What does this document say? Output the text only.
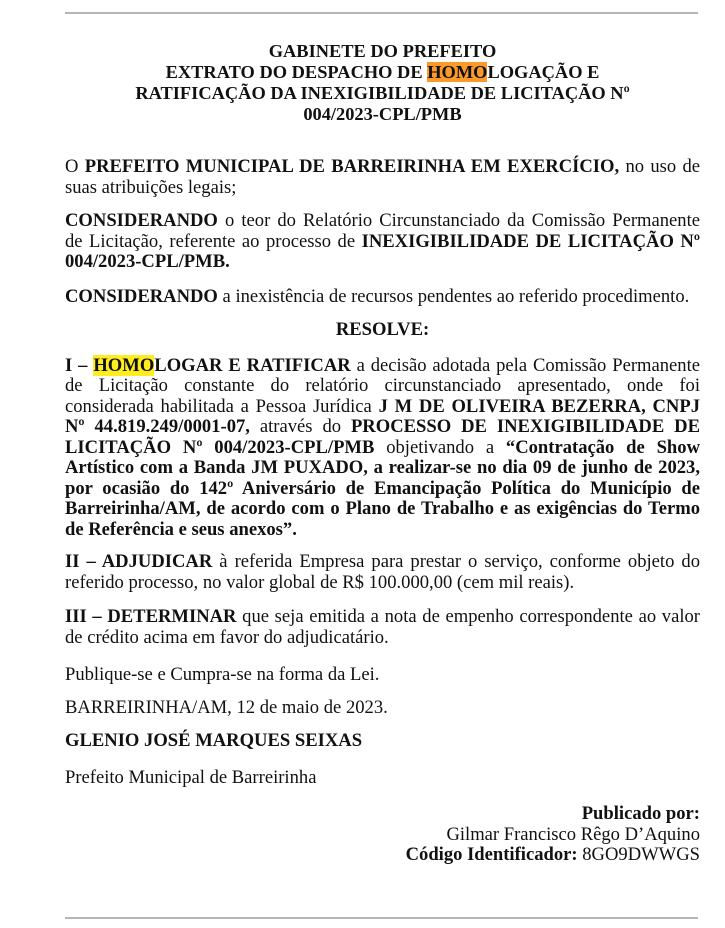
GABINETE DO PREFEITO
EXTRATO DO DESPACHO DE HOMOLOGAÇÃO E
RATIFICAÇÃO DA INEXIGIBILIDADE DE LICITAÇÃO Nº
004/2023-CPL/PMB

O PREFEITO MUNICIPAL DE BARREIRINHA EM EXERCÍCIO, no uso de suas atribuições legais;

CONSIDERANDO o teor do Relatório Circunstanciado da Comissão Permanente de Licitação, referente ao processo de INEXIGIBILIDADE DE LICITAÇÃO Nº 004/2023-CPL/PMB.

CONSIDERANDO a inexistência de recursos pendentes ao referido procedimento.

RESOLVE:

I – HOMOLOGAR E RATIFICAR a decisão adotada pela Comissão Permanente de Licitação constante do relatório circunstanciado apresentado, onde foi considerada habilitada a Pessoa Jurídica J M DE OLIVEIRA BEZERRA, CNPJ Nº 44.819.249/0001-07, através do PROCESSO DE INEXIGIBILIDADE DE LICITAÇÃO Nº 004/2023-CPL/PMB objetivando a “Contratação de Show Artístico com a Banda JM PUXADO, a realizar-se no dia 09 de junho de 2023, por ocasião do 142º Aniversário de Emancipação Política do Município de Barreirinha/AM, de acordo com o Plano de Trabalho e as exigências do Termo de Referência e seus anexos”.

II – ADJUDICAR à referida Empresa para prestar o serviço, conforme objeto do referido processo, no valor global de R$ 100.000,00 (cem mil reais).

III – DETERMINAR que seja emitida a nota de empenho correspondente ao valor de crédito acima em favor do adjudicatário.

Publique-se e Cumpra-se na forma da Lei.

BARREIRINHA/AM, 12 de maio de 2023.

GLENIO JOSÉ MARQUES SEIXAS

Prefeito Municipal de Barreirinha

Publicado por:
Gilmar Francisco Rêgo D’Aquino
Código Identificador: 8GO9DWWGS
